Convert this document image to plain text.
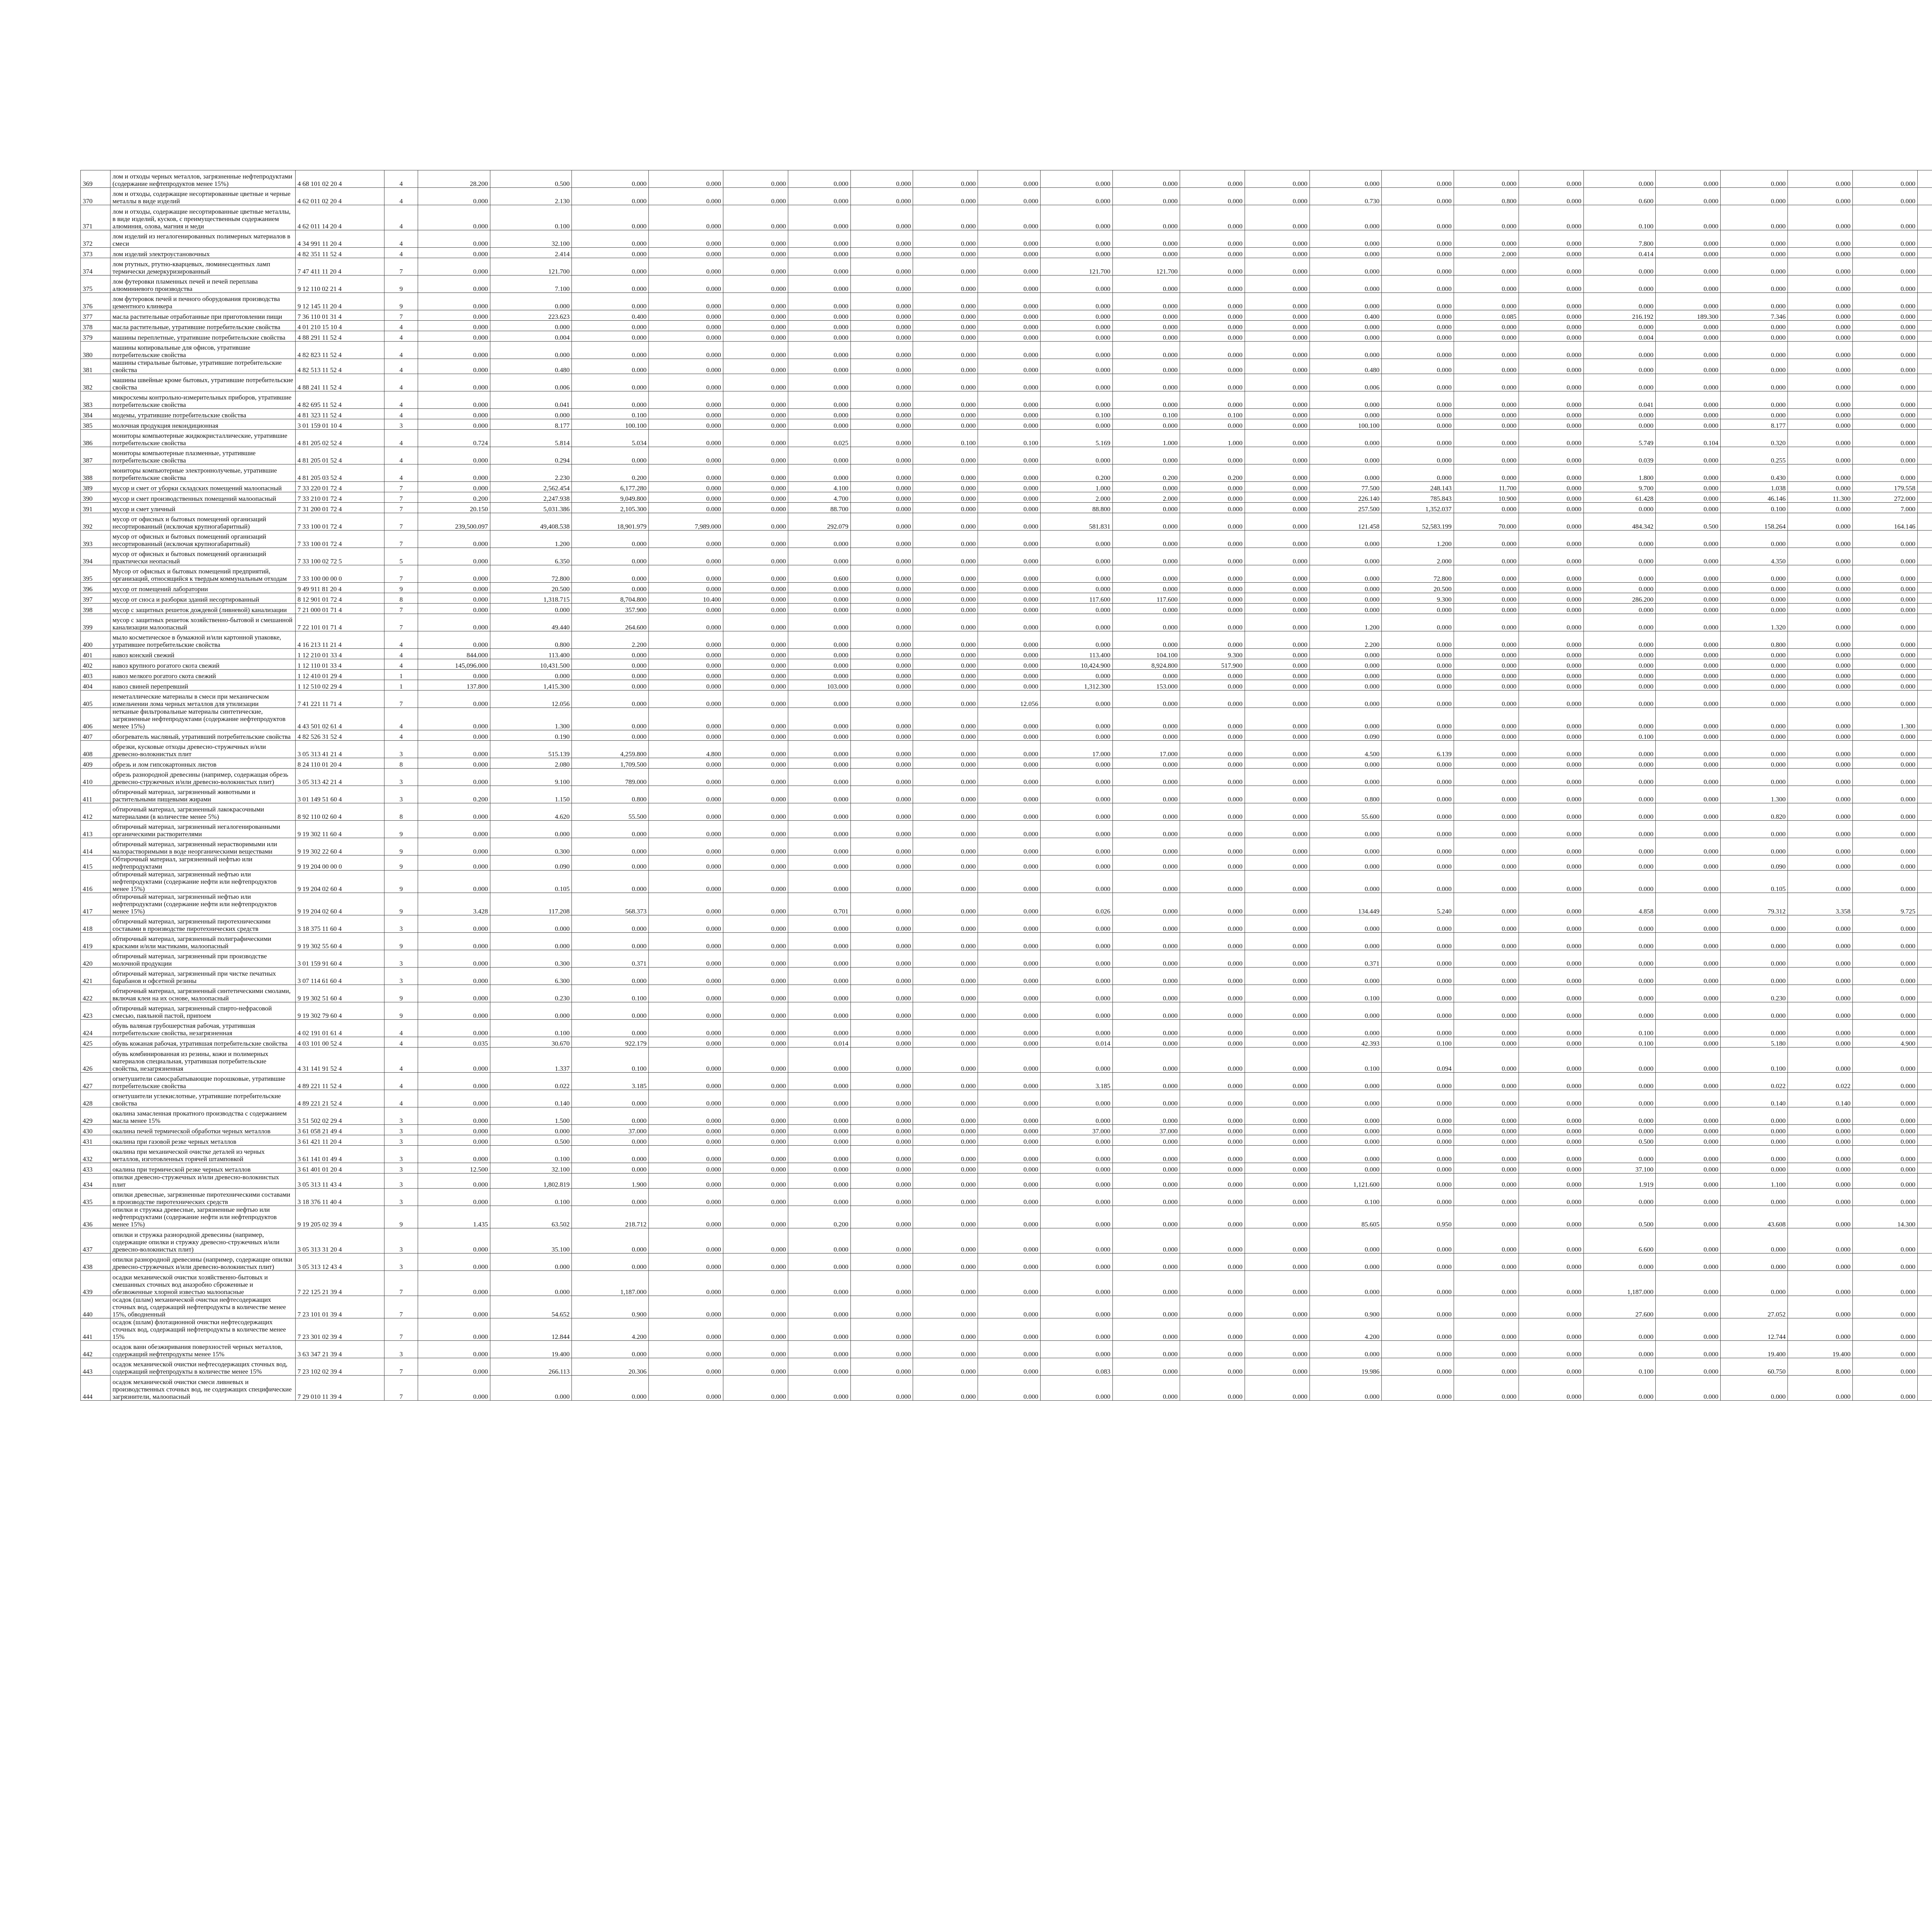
369	лом и отходы черных металлов, загрязненные нефтепродуктами (содержание нефтепродуктов менее 15%)	4 68 101 02 20 4	4	28.200	0.500	0.000	0.000	0.000	0.000	0.000	0.000	0.000	0.000	0.000	0.000	0.000	0.000	0.000	0.000	0.000	0.000	0.000	0.000	0.000	0.000								
370	лом и отходы, содержащие несортированные цветные и черные металлы в виде изделий	4 62 011 02 20 4	4	0.000	2.130	0.000	0.000	0.000	0.000	0.000	0.000	0.000	0.000	0.000	0.000	0.000	0.730	0.000	0.800	0.000	0.600	0.000	0.000	0.000	0.000								
371	лом и отходы, содержащие несортированные цветные металлы, в виде изделий, кусков, с преимущественным содержанием алюминия, олова, магния и меди	4 62 011 14 20 4	4	0.000	0.100	0.000	0.000	0.000	0.000	0.000	0.000	0.000	0.000	0.000	0.000	0.000	0.000	0.000	0.000	0.000	0.100	0.000	0.000	0.000	0.000								
372	лом изделий из негалогенированных полимерных материалов в смеси	4 34 991 11 20 4	4	0.000	32.100	0.000	0.000	0.000	0.000	0.000	0.000	0.000	0.000	0.000	0.000	0.000	0.000	0.000	0.000	0.000	7.800	0.000	0.000	0.000	0.000								
373	лом изделий электроустановочных	4 82 351 11 52 4	4	0.000	2.414	0.000	0.000	0.000	0.000	0.000	0.000	0.000	0.000	0.000	0.000	0.000	0.000	0.000	2.000	0.000	0.414	0.000	0.000	0.000	0.000								
374	лом ртутных, ртутно-кварцевых, люминесцентных ламп термически демеркуризированный	7 47 411 11 20 4	7	0.000	121.700	0.000	0.000	0.000	0.000	0.000	0.000	0.000	121.700	121.700	0.000	0.000	0.000	0.000	0.000	0.000	0.000	0.000	0.000	0.000	0.000								
375	лом футеровки пламенных печей и печей переплава алюминиевого производства	9 12 110 02 21 4	9	0.000	7.100	0.000	0.000	0.000	0.000	0.000	0.000	0.000	0.000	0.000	0.000	0.000	0.000	0.000	0.000	0.000	0.000	0.000	0.000	0.000	0.000								
376	лом футеровок печей и печного оборудования производства цементного клинкера	9 12 145 11 20 4	9	0.000	0.000	0.000	0.000	0.000	0.000	0.000	0.000	0.000	0.000	0.000	0.000	0.000	0.000	0.000	0.000	0.000	0.000	0.000	0.000	0.000	0.000								
377	масла растительные отработанные при приготовлении пищи	7 36 110 01 31 4	7	0.000	223.623	0.400	0.000	0.000	0.000	0.000	0.000	0.000	0.000	0.000	0.000	0.000	0.400	0.000	0.085	0.000	216.192	189.300	7.346	0.000	0.000								
378	масла растительные, утратившие потребительские свойства	4 01 210 15 10 4	4	0.000	0.000	0.000	0.000	0.000	0.000	0.000	0.000	0.000	0.000	0.000	0.000	0.000	0.000	0.000	0.000	0.000	0.000	0.000	0.000	0.000	0.000								
379	машины переплетные, утратившие потребительские свойства	4 88 291 11 52 4	4	0.000	0.004	0.000	0.000	0.000	0.000	0.000	0.000	0.000	0.000	0.000	0.000	0.000	0.000	0.000	0.000	0.000	0.004	0.000	0.000	0.000	0.000								
380	машины копировальные для офисов, утратившие потребительские свойства	4 82 823 11 52 4	4	0.000	0.000	0.000	0.000	0.000	0.000	0.000	0.000	0.000	0.000	0.000	0.000	0.000	0.000	0.000	0.000	0.000	0.000	0.000	0.000	0.000	0.000								
381	машины стиральные бытовые, утратившие потребительские свойства	4 82 513 11 52 4	4	0.000	0.480	0.000	0.000	0.000	0.000	0.000	0.000	0.000	0.000	0.000	0.000	0.000	0.480	0.000	0.000	0.000	0.000	0.000	0.000	0.000	0.000								
382	машины швейные кроме бытовых, утратившие потребительские свойства	4 88 241 11 52 4	4	0.000	0.006	0.000	0.000	0.000	0.000	0.000	0.000	0.000	0.000	0.000	0.000	0.000	0.006	0.000	0.000	0.000	0.000	0.000	0.000	0.000	0.000								
383	микросхемы контрольно-измерительных приборов, утратившие потребительские свойства	4 82 695 11 52 4	4	0.000	0.041	0.000	0.000	0.000	0.000	0.000	0.000	0.000	0.000	0.000	0.000	0.000	0.000	0.000	0.000	0.000	0.041	0.000	0.000	0.000	0.000								
384	модемы, утратившие потребительские свойства	4 81 323 11 52 4	4	0.000	0.000	0.100	0.000	0.000	0.000	0.000	0.000	0.000	0.100	0.100	0.100	0.000	0.000	0.000	0.000	0.000	0.000	0.000	0.000	0.000	0.000								
385	молочная продукция некондиционная	3 01 159 01 10 4	3	0.000	8.177	100.100	0.000	0.000	0.000	0.000	0.000	0.000	0.000	0.000	0.000	0.000	100.100	0.000	0.000	0.000	0.000	0.000	8.177	0.000	0.000								
386	мониторы компьютерные жидкокристаллические, утратившие потребительские свойства	4 81 205 02 52 4	4	0.724	5.814	5.034	0.000	0.000	0.025	0.000	0.100	0.100	5.169	1.000	1.000	0.000	0.000	0.000	0.000	0.000	5.749	0.104	0.320	0.000	0.000								
387	мониторы компьютерные плазменные, утратившие потребительские свойства	4 81 205 01 52 4	4	0.000	0.294	0.000	0.000	0.000	0.000	0.000	0.000	0.000	0.000	0.000	0.000	0.000	0.000	0.000	0.000	0.000	0.039	0.000	0.255	0.000	0.000								
388	мониторы компьютерные электроннолучевые, утратившие потребительские свойства	4 81 205 03 52 4	4	0.000	2.230	0.200	0.000	0.000	0.000	0.000	0.000	0.000	0.200	0.200	0.200	0.000	0.000	0.000	0.000	0.000	1.800	0.000	0.430	0.000	0.000								
389	мусор и смет от уборки складских помещений малоопасный	7 33 220 01 72 4	7	0.000	2,562.454	6,177.280	0.000	0.000	4.100	0.000	0.000	0.000	1.000	0.000	0.000	0.000	77.500	248.143	11.700	0.000	9.700	0.000	1.038	0.000	179.558								
390	мусор и смет производственных помещений малоопасный	7 33 210 01 72 4	7	0.200	2,247.938	9,049.800	0.000	0.000	4.700	0.000	0.000	0.000	2.000	2.000	0.000	0.000	226.140	785.843	10.900	0.000	61.428	0.000	46.146	11.300	272.000								
391	мусор и смет уличный	7 31 200 01 72 4	7	20.150	5,031.386	2,105.300	0.000	0.000	88.700	0.000	0.000	0.000	88.800	0.000	0.000	0.000	257.500	1,352.037	0.000	0.000	0.000	0.000	0.100	0.000	7.000								
392	мусор от офисных и бытовых помещений организаций несортированный (исключая крупногабаритный)	7 33 100 01 72 4	7	239,500.097	49,408.538	18,901.979	7,989.000	0.000	292.079	0.000	0.000	0.000	581.831	0.000	0.000	0.000	121.458	52,583.199	70.000	0.000	484.342	0.500	158.264	0.000	164.146								
393	мусор от офисных и бытовых помещений организаций несортированный (исключая крупногабаритный)	7 33 100 01 72 4	7	0.000	1.200	0.000	0.000	0.000	0.000	0.000	0.000	0.000	0.000	0.000	0.000	0.000	0.000	1.200	0.000	0.000	0.000	0.000	0.000	0.000	0.000								
394	мусор от офисных и бытовых помещений организаций практически неопасный	7 33 100 02 72 5	5	0.000	6.350	0.000	0.000	0.000	0.000	0.000	0.000	0.000	0.000	0.000	0.000	0.000	0.000	2.000	0.000	0.000	0.000	0.000	4.350	0.000	0.000								
395	Мусор от офисных и бытовых помещений предприятий, организаций, относящийся к твердым коммунальным отходам	7 33 100 00 00 0	7	0.000	72.800	0.000	0.000	0.000	0.600	0.000	0.000	0.000	0.000	0.000	0.000	0.000	0.000	72.800	0.000	0.000	0.000	0.000	0.000	0.000	0.000								
396	мусор от помещений лаборатории	9 49 911 81 20 4	9	0.000	20.500	0.000	0.000	0.000	0.000	0.000	0.000	0.000	0.000	0.000	0.000	0.000	0.000	20.500	0.000	0.000	0.000	0.000	0.000	0.000	0.000								
397	мусор от сноса и разборки зданий несортированный	8 12 901 01 72 4	8	0.000	1,318.715	8,704.800	10.400	0.000	0.000	0.000	0.000	0.000	117.600	117.600	0.000	0.000	0.000	9.300	0.000	0.000	286.200	0.000	0.000	0.000	0.000								
398	мусор с защитных решеток дождевой (ливневой) канализации	7 21 000 01 71 4	7	0.000	0.000	357.900	0.000	0.000	0.000	0.000	0.000	0.000	0.000	0.000	0.000	0.000	0.000	0.000	0.000	0.000	0.000	0.000	0.000	0.000	0.000								
399	мусор с защитных решеток хозяйственно-бытовой и смешанной канализации малоопасный	7 22 101 01 71 4	7	0.000	49.440	264.600	0.000	0.000	0.000	0.000	0.000	0.000	0.000	0.000	0.000	0.000	1.200	0.000	0.000	0.000	0.000	0.000	1.320	0.000	0.000								
400	мыло косметическое в бумажной и/или картонной упаковке, утратившее потребительские свойства	4 16 213 11 21 4	4	0.000	0.800	2.200	0.000	0.000	0.000	0.000	0.000	0.000	0.000	0.000	0.000	0.000	2.200	0.000	0.000	0.000	0.000	0.000	0.800	0.000	0.000								
401	навоз конский свежий	1 12 210 01 33 4	4	844.000	113.400	0.000	0.000	0.000	0.000	0.000	0.000	0.000	113.400	104.100	9.300	0.000	0.000	0.000	0.000	0.000	0.000	0.000	0.000	0.000	0.000								
402	навоз крупного рогатого скота свежий	1 12 110 01 33 4	4	145,096.000	10,431.500	0.000	0.000	0.000	0.000	0.000	0.000	0.000	10,424.900	8,924.800	517.900	0.000	0.000	0.000	0.000	0.000	0.000	0.000	0.000	0.000	0.000								
403	навоз мелкого рогатого скота свежий	1 12 410 01 29 4	1	0.000	0.000	0.000	0.000	0.000	0.000	0.000	0.000	0.000	0.000	0.000	0.000	0.000	0.000	0.000	0.000	0.000	0.000	0.000	0.000	0.000	0.000								
404	навоз свиней перепревший	1 12 510 02 29 4	1	137.800	1,415.300	0.000	0.000	0.000	103.000	0.000	0.000	0.000	1,312.300	153.000	0.000	0.000	0.000	0.000	0.000	0.000	0.000	0.000	0.000	0.000	0.000								
405	неметаллические материалы в смеси при механическом измельчении лома черных металлов для утилизации	7 41 221 11 71 4	7	0.000	12.056	0.000	0.000	0.000	0.000	0.000	0.000	12.056	0.000	0.000	0.000	0.000	0.000	0.000	0.000	0.000	0.000	0.000	0.000	0.000	0.000								
406	нетканые фильтровальные материалы синтетические, загрязненные нефтепродуктами (содержание нефтепродуктов менее 15%)	4 43 501 02 61 4	4	0.000	1.300	0.000	0.000	0.000	0.000	0.000	0.000	0.000	0.000	0.000	0.000	0.000	0.000	0.000	0.000	0.000	0.000	0.000	0.000	0.000	1.300								
407	обогреватель масляный, утративший потребительские свойства	4 82 526 31 52 4	4	0.000	0.190	0.000	0.000	0.000	0.000	0.000	0.000	0.000	0.000	0.000	0.000	0.000	0.090	0.000	0.000	0.000	0.100	0.000	0.000	0.000	0.000								
408	обрезки, кусковые отходы древесно-стружечных и/или древесно-волокнистых плит	3 05 313 41 21 4	3	0.000	515.139	4,259.800	4.800	0.000	0.000	0.000	0.000	0.000	17.000	17.000	0.000	0.000	4.500	6.139	0.000	0.000	0.000	0.000	0.000	0.000	0.000								
409	обрезь и лом гипсокартонных листов	8 24 110 01 20 4	8	0.000	2.080	1,709.500	0.000	0.000	0.000	0.000	0.000	0.000	0.000	0.000	0.000	0.000	0.000	0.000	0.000	0.000	0.000	0.000	0.000	0.000	0.000								
410	обрезь разнородной древесины (например, содержащая обрезь древесно-стружечных и/или древесно-волокнистых плит)	3 05 313 42 21 4	3	0.000	9.100	789.000	0.000	0.000	0.000	0.000	0.000	0.000	0.000	0.000	0.000	0.000	0.000	0.000	0.000	0.000	0.000	0.000	0.000	0.000	0.000								
411	обтирочный материал, загрязненный животными и растительными пищевыми жирами	3 01 149 51 60 4	3	0.200	1.150	0.800	0.000	0.000	0.000	0.000	0.000	0.000	0.000	0.000	0.000	0.000	0.800	0.000	0.000	0.000	0.000	0.000	1.300	0.000	0.000								
412	обтирочный материал, загрязненный лакокрасочными материалами (в количестве менее 5%)	8 92 110 02 60 4	8	0.000	4.620	55.500	0.000	0.000	0.000	0.000	0.000	0.000	0.000	0.000	0.000	0.000	55.600	0.000	0.000	0.000	0.000	0.000	0.820	0.000	0.000								
413	обтирочный материал, загрязненный негалогенированными органическими растворителями	9 19 302 11 60 4	9	0.000	0.000	0.000	0.000	0.000	0.000	0.000	0.000	0.000	0.000	0.000	0.000	0.000	0.000	0.000	0.000	0.000	0.000	0.000	0.000	0.000	0.000								
414	обтирочный материал, загрязненный нерастворимыми или малорастворимыми в воде неорганическими веществами	9 19 302 22 60 4	9	0.000	0.300	0.000	0.000	0.000	0.000	0.000	0.000	0.000	0.000	0.000	0.000	0.000	0.000	0.000	0.000	0.000	0.000	0.000	0.000	0.000	0.000								
415	Обтирочный материал, загрязненный нефтью или нефтепродуктами	9 19 204 00 00 0	9	0.000	0.090	0.000	0.000	0.000	0.000	0.000	0.000	0.000	0.000	0.000	0.000	0.000	0.000	0.000	0.000	0.000	0.000	0.000	0.090	0.000	0.000								
416	обтирочный материал, загрязненный нефтью или нефтепродуктами (содержание нефти или нефтепродуктов менее 15%)	9 19 204 02 60 4	9	0.000	0.105	0.000	0.000	0.000	0.000	0.000	0.000	0.000	0.000	0.000	0.000	0.000	0.000	0.000	0.000	0.000	0.000	0.000	0.105	0.000	0.000								
417	обтирочный материал, загрязненный нефтью или нефтепродуктами (содержание нефти или нефтепродуктов менее 15%)	9 19 204 02 60 4	9	3.428	117.208	568.373	0.000	0.000	0.701	0.000	0.000	0.000	0.026	0.000	0.000	0.000	134.449	5.240	0.000	0.000	4.858	0.000	79.312	3.358	9.725								
418	обтирочный материал, загрязненный пиротехническими составами в производстве пиротехнических средств	3 18 375 11 60 4	3	0.000	0.000	0.000	0.000	0.000	0.000	0.000	0.000	0.000	0.000	0.000	0.000	0.000	0.000	0.000	0.000	0.000	0.000	0.000	0.000	0.000	0.000								
419	обтирочный материал, загрязненный полиграфическими красками и/или мастиками, малоопасный	9 19 302 55 60 4	9	0.000	0.000	0.000	0.000	0.000	0.000	0.000	0.000	0.000	0.000	0.000	0.000	0.000	0.000	0.000	0.000	0.000	0.000	0.000	0.000	0.000	0.000								
420	обтирочный материал, загрязненный при производстве молочной продукции	3 01 159 91 60 4	3	0.000	0.300	0.371	0.000	0.000	0.000	0.000	0.000	0.000	0.000	0.000	0.000	0.000	0.371	0.000	0.000	0.000	0.000	0.000	0.000	0.000	0.000								
421	обтирочный материал, загрязненный при чистке печатных барабанов и офсетной резины	3 07 114 61 60 4	3	0.000	6.300	0.000	0.000	0.000	0.000	0.000	0.000	0.000	0.000	0.000	0.000	0.000	0.000	0.000	0.000	0.000	0.000	0.000	0.000	0.000	0.000								
422	обтирочный материал, загрязненный синтетическими смолами, включая клеи на их основе, малоопасный	9 19 302 51 60 4	9	0.000	0.230	0.100	0.000	0.000	0.000	0.000	0.000	0.000	0.000	0.000	0.000	0.000	0.100	0.000	0.000	0.000	0.000	0.000	0.230	0.000	0.000								
423	обтирочный материал, загрязненный спирто-нефрасовой смесью, паяльной пастой, припоем	9 19 302 79 60 4	9	0.000	0.000	0.000	0.000	0.000	0.000	0.000	0.000	0.000	0.000	0.000	0.000	0.000	0.000	0.000	0.000	0.000	0.000	0.000	0.000	0.000	0.000								
424	обувь валяная грубошерстная рабочая, утратившая потребительские свойства, незагрязненная	4 02 191 01 61 4	4	0.000	0.100	0.000	0.000	0.000	0.000	0.000	0.000	0.000	0.000	0.000	0.000	0.000	0.000	0.000	0.000	0.000	0.100	0.000	0.000	0.000	0.000								
425	обувь кожаная рабочая, утратившая потребительские свойства	4 03 101 00 52 4	4	0.035	30.670	922.179	0.000	0.000	0.014	0.000	0.000	0.000	0.014	0.000	0.000	0.000	42.393	0.100	0.000	0.000	0.100	0.000	5.180	0.000	4.900								
426	обувь комбинированная из резины, кожи и полимерных материалов специальная, утратившая потребительские свойства, незагрязненная	4 31 141 91 52 4	4	0.000	1.337	0.100	0.000	0.000	0.000	0.000	0.000	0.000	0.000	0.000	0.000	0.000	0.100	0.094	0.000	0.000	0.000	0.000	0.100	0.000	0.000								
427	огнетушители самосрабатывающие порошковые, утратившие потребительские свойства	4 89 221 11 52 4	4	0.000	0.022	3.185	0.000	0.000	0.000	0.000	0.000	0.000	3.185	0.000	0.000	0.000	0.000	0.000	0.000	0.000	0.000	0.000	0.022	0.022	0.000								
428	огнетушители углекислотные, утратившие потребительские свойства	4 89 221 21 52 4	4	0.000	0.140	0.000	0.000	0.000	0.000	0.000	0.000	0.000	0.000	0.000	0.000	0.000	0.000	0.000	0.000	0.000	0.000	0.000	0.140	0.140	0.000								
429	окалина замасленная прокатного производства с содержанием масла менее 15%	3 51 502 02 29 4	3	0.000	1.500	0.000	0.000	0.000	0.000	0.000	0.000	0.000	0.000	0.000	0.000	0.000	0.000	0.000	0.000	0.000	0.000	0.000	0.000	0.000	0.000								
430	окалина печей термической обработки черных металлов	3 61 058 21 49 4	3	0.000	0.000	37.000	0.000	0.000	0.000	0.000	0.000	0.000	37.000	37.000	0.000	0.000	0.000	0.000	0.000	0.000	0.000	0.000	0.000	0.000	0.000								
431	окалина при газовой резке черных металлов	3 61 421 11 20 4	3	0.000	0.500	0.000	0.000	0.000	0.000	0.000	0.000	0.000	0.000	0.000	0.000	0.000	0.000	0.000	0.000	0.000	0.500	0.000	0.000	0.000	0.000								
432	окалина при механической очистке деталей из черных металлов, изготовленных горячей штамповкой	3 61 141 01 49 4	3	0.000	0.100	0.000	0.000	0.000	0.000	0.000	0.000	0.000	0.000	0.000	0.000	0.000	0.000	0.000	0.000	0.000	0.000	0.000	0.000	0.000	0.000								
433	окалина при термической резке черных металлов	3 61 401 01 20 4	3	12.500	32.100	0.000	0.000	0.000	0.000	0.000	0.000	0.000	0.000	0.000	0.000	0.000	0.000	0.000	0.000	0.000	37.100	0.000	0.000	0.000	0.000								
434	опилки древесно-стружечных и/или древесно-волокнистых плит	3 05 313 11 43 4	3	0.000	1,802.819	1.900	0.000	0.000	0.000	0.000	0.000	0.000	0.000	0.000	0.000	0.000	1,121.600	0.000	0.000	0.000	1.919	0.000	1.100	0.000	0.000								
435	опилки древесные, загрязненные пиротехническими составами в производстве пиротехнических средств	3 18 376 11 40 4	3	0.000	0.100	0.000	0.000	0.000	0.000	0.000	0.000	0.000	0.000	0.000	0.000	0.000	0.100	0.000	0.000	0.000	0.000	0.000	0.000	0.000	0.000								
436	опилки и стружка древесные, загрязненные нефтью или нефтепродуктами (содержание нефти или нефтепродуктов менее 15%)	9 19 205 02 39 4	9	1.435	63.502	218.712	0.000	0.000	0.200	0.000	0.000	0.000	0.000	0.000	0.000	0.000	85.605	0.950	0.000	0.000	0.500	0.000	43.608	0.000	14.300								
437	опилки и стружка разнородной древесины (например, содержащие опилки и стружку древесно-стружечных и/или древесно-волокнистых плит)	3 05 313 31 20 4	3	0.000	35.100	0.000	0.000	0.000	0.000	0.000	0.000	0.000	0.000	0.000	0.000	0.000	0.000	0.000	0.000	0.000	6.600	0.000	0.000	0.000	0.000								
438	опилки разнородной древесины (например, содержащие опилки древесно-стружечных и/или древесно-волокнистых плит)	3 05 313 12 43 4	3	0.000	0.000	0.000	0.000	0.000	0.000	0.000	0.000	0.000	0.000	0.000	0.000	0.000	0.000	0.000	0.000	0.000	0.000	0.000	0.000	0.000	0.000								
439	осадки механической очистки хозяйственно-бытовых и смешанных сточных вод анаэробно сброженные и обезвоженные хлорной известью малоопасные	7 22 125 21 39 4	7	0.000	0.000	1,187.000	0.000	0.000	0.000	0.000	0.000	0.000	0.000	0.000	0.000	0.000	0.000	0.000	0.000	0.000	1,187.000	0.000	0.000	0.000	0.000								
440	осадок (шлам) механической очистки нефтесодержащих сточных вод, содержащий нефтепродукты в количестве менее 15%, обводненный	7 23 101 01 39 4	7	0.000	54.652	0.900	0.000	0.000	0.000	0.000	0.000	0.000	0.000	0.000	0.000	0.000	0.900	0.000	0.000	0.000	27.600	0.000	27.052	0.000	0.000								
441	осадок (шлам) флотационной очистки нефтесодержащих сточных вод, содержащий нефтепродукты в количестве менее 15%	7 23 301 02 39 4	7	0.000	12.844	4.200	0.000	0.000	0.000	0.000	0.000	0.000	0.000	0.000	0.000	0.000	4.200	0.000	0.000	0.000	0.000	0.000	12.744	0.000	0.000								
442	осадок ванн обезжиривания поверхностей черных металлов, содержащий нефтепродукты менее 15%	3 63 347 21 39 4	3	0.000	19.400	0.000	0.000	0.000	0.000	0.000	0.000	0.000	0.000	0.000	0.000	0.000	0.000	0.000	0.000	0.000	0.000	0.000	19.400	19.400	0.000								
443	осадок механической очистки нефтесодержащих сточных вод, содержащий нефтепродукты в количестве менее 15%	7 23 102 02 39 4	7	0.000	266.113	20.306	0.000	0.000	0.000	0.000	0.000	0.000	0.083	0.000	0.000	0.000	19.986	0.000	0.000	0.000	0.100	0.000	60.750	8.000	0.000								
444	осадок механической очистки смеси ливневых и производственных сточных вод, не содержащих специфические загрязнители, малоопасный	7 29 010 11 39 4	7	0.000	0.000	0.000	0.000	0.000	0.000	0.000	0.000	0.000	0.000	0.000	0.000	0.000	0.000	0.000	0.000	0.000	0.000	0.000	0.000	0.000	0.000								
